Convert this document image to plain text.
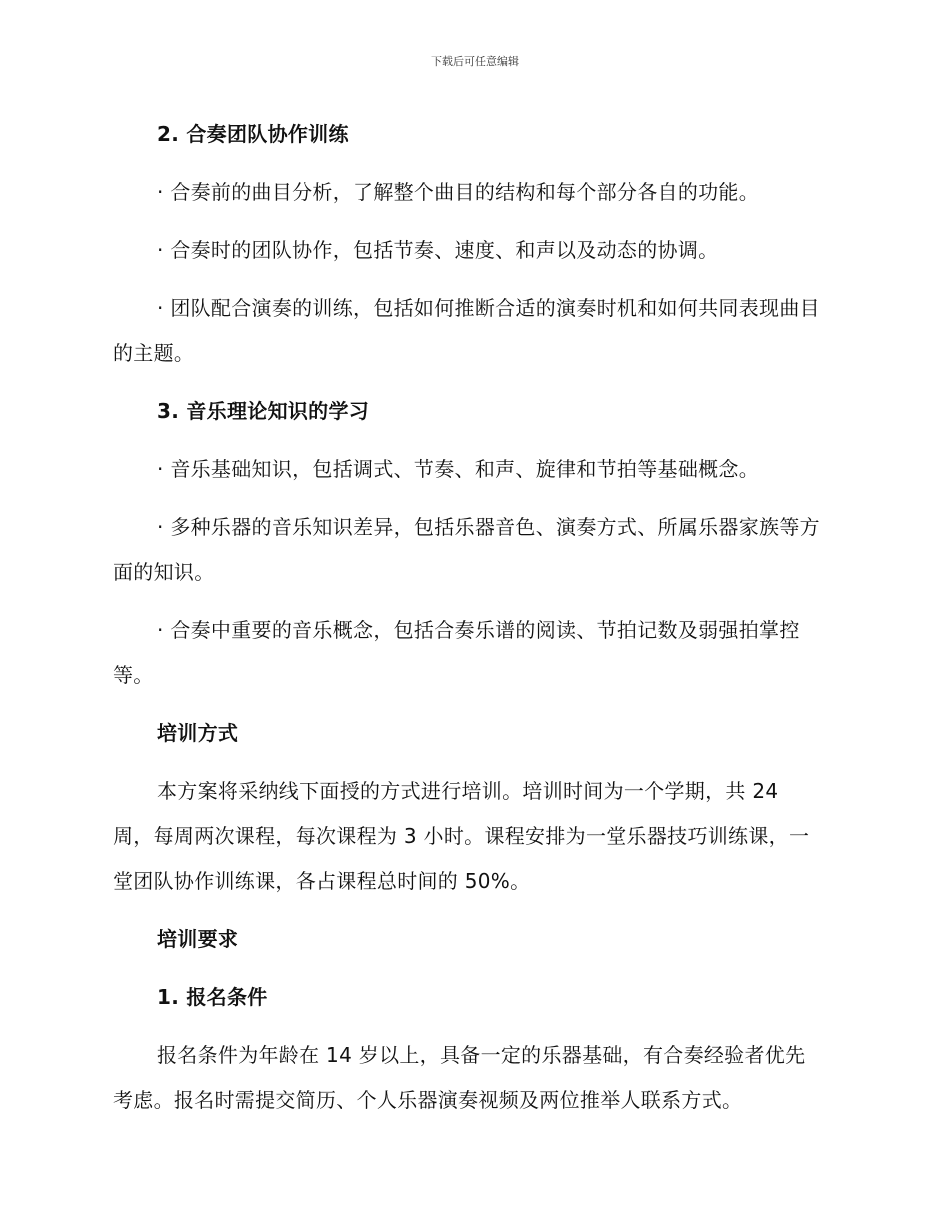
下载后可任意编辑

2. 合奏团队协作训练

· 合奏前的曲目分析，了解整个曲目的结构和每个部分各自的功能。

· 合奏时的团队协作，包括节奏、速度、和声以及动态的协调。

· 团队配合演奏的训练，包括如何推断合适的演奏时机和如何共同表现曲目的主题。

3. 音乐理论知识的学习

· 音乐基础知识，包括调式、节奏、和声、旋律和节拍等基础概念。

· 多种乐器的音乐知识差异，包括乐器音色、演奏方式、所属乐器家族等方面的知识。

· 合奏中重要的音乐概念，包括合奏乐谱的阅读、节拍记数及弱强拍掌控等。

培训方式

本方案将采纳线下面授的方式进行培训。培训时间为一个学期，共 24 周，每周两次课程，每次课程为 3 小时。课程安排为一堂乐器技巧训练课，一堂团队协作训练课，各占课程总时间的 50%。

培训要求

1. 报名条件

报名条件为年龄在 14 岁以上，具备一定的乐器基础，有合奏经验者优先考虑。报名时需提交简历、个人乐器演奏视频及两位推举人联系方式。
